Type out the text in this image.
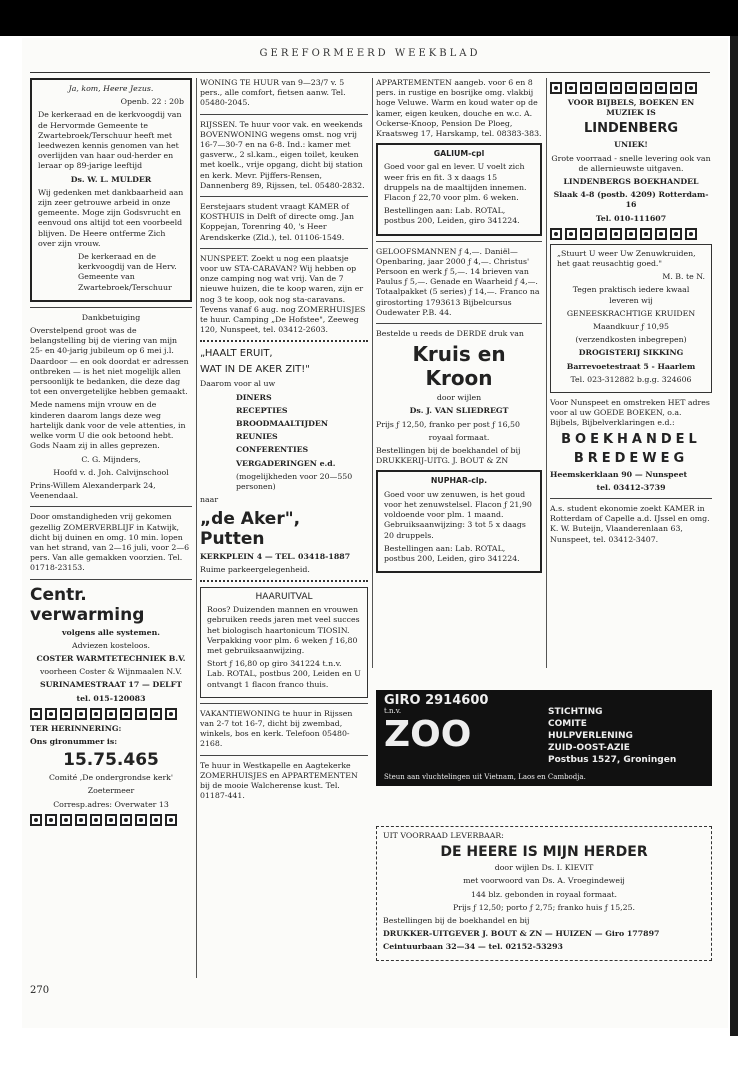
GEREFORMEERD WEEKBLAD

Ja, kom, Heere Jezus.

Openb. 22 : 20b

De kerkeraad en de kerkvoogdij van de Hervormde Gemeente te Zwartebroek/Terschuur heeft met leedwezen kennis genomen van het overlijden van haar oud-herder en leraar op 89-jarige leeftijd

Ds. W. L. MULDER

Wij gedenken met dankbaarheid aan zijn zeer getrouwe arbeid in onze gemeente. Moge zijn Godsvrucht en eenvoud ons altijd tot een voorbeeld blijven. De Heere ontferme Zich over zijn vrouw.

De kerkeraad en de kerkvoogdij van de Herv. Gemeente van Zwartebroek/Terschuur

Dankbetuiging

Overstelpend groot was de belangstelling bij de viering van mijn 25- en 40-jarig jubileum op 6 mei j.l. Daardoor — en ook doordat er adressen ontbreken — is het niet mogelijk allen persoonlijk te bedanken, die deze dag tot een onvergetelijke hebben gemaakt.

Mede namens mijn vrouw en de kinderen daarom langs deze weg hartelijk dank voor de vele attenties, in welke vorm U die ook betoond hebt. Gods Naam zij in alles geprezen.

C. G. Mijnders,

Hoofd v. d. Joh. Calvijnschool

Prins-Willem Alexanderpark 24, Veenendaal.

Door omstandigheden vrij gekomen gezellig ZOMERVERBLIJF in Katwijk, dicht bij duinen en omg. 10 min. lopen van het strand, van 2—16 juli, voor 2—6 pers. Van alle gemakken voorzien. Tel. 01718-23153.

Centr. verwarming

volgens alle systemen.

Adviezen kosteloos.

COSTER WARMTETECHNIEK B.V.

voorheen Coster & Wijnmaalen N.V.

SURINAMESTRAAT 17 — DELFT

tel. 015-120083

TER HERINNERING:

Ons gironummer is:

15.75.465

Comité ‚De ondergrondse kerk'

Zoetermeer

Corresp.adres: Overwater 13

WONING TE HUUR van 9—23/7 v. 5 pers., alle comfort, fietsen aanw. Tel. 05480-2045.

RIJSSEN. Te huur voor vak. en weekends BOVENWONING wegens omst. nog vrij 16-7—30-7 en na 6-8. Ind.: kamer met gasverw., 2 sl.kam., eigen toilet, keuken met koelk., vrije opgang, dicht bij station en kerk. Mevr. Pijffers-Rensen, Dannenberg 89, Rijssen, tel. 05480-2832.

Eerstejaars student vraagt KAMER of KOSTHUIS in Delft of directe omg. Jan Koppejan, Torenring 40, 's Heer Arendskerke (Zld.), tel. 01106-1549.

NUNSPEET. Zoekt u nog een plaatsje voor uw STA-CARAVAN? Wij hebben op onze camping nog wat vrij. Van de 7 nieuwe huizen, die te koop waren, zijn er nog 3 te koop, ook nog sta-caravans. Tevens vanaf 6 aug. nog ZOMERHUISJES te huur. Camping „De Hofstee", Zeeweg 120, Nunspeet, tel. 03412-2603.

„HAALT ERUIT,

WAT IN DE AKER ZIT!"

Daarom voor al uw

DINERS

RECEPTIES

BROODMAALTIJDEN

REUNIES

CONFERENTIES

VERGADERINGEN e.d.

(mogelijkheden voor 20—550 personen)

naar

„de Aker", Putten

KERKPLEIN 4 — TEL. 03418-1887

Ruime parkeergelegenheid.

HAARUITVAL

Roos? Duizenden mannen en vrouwen gebruiken reeds jaren met veel succes het biologisch haartonicum TIOSIN. Verpakking voor plm. 6 weken ƒ 16,80 met gebruiksaanwijzing.

Stort ƒ 16,80 op giro 341224 t.n.v. Lab. ROTAL, postbus 200, Leiden en U ontvangt 1 flacon franco thuis.

VAKANTIEWONING te huur in Rijssen van 2-7 tot 16-7, dicht bij zwembad, winkels, bos en kerk. Telefoon 05480-2168.

Te huur in Westkapelle en Aagtekerke ZOMERHUISJES en APPARTEMENTEN bij de mooie Walcherense kust. Tel. 01187-441.

APPARTEMENTEN aangeb. voor 6 en 8 pers. in rustige en bosrijke omg. vlakbij hoge Veluwe. Warm en koud water op de kamer, eigen keuken, douche en w.c. A. Ockerse-Knoop, Pension De Ploeg, Kraatsweg 17, Harskamp, tel. 08383-383.

GALIUM-cpl

Goed voor gal en lever. U voelt zich weer fris en fit. 3 x daags 15 druppels na de maaltijden innemen. Flacon ƒ 22,70 voor plm. 6 weken.

Bestellingen aan: Lab. ROTAL, postbus 200, Leiden, giro 341224.

GELOOFSMANNEN ƒ 4,—. Daniël—Openbaring, jaar 2000 ƒ 4,—. Christus' Persoon en werk ƒ 5,—. 14 brieven van Paulus ƒ 5,—. Genade en Waarheid ƒ 4,—. Totaalpakket (5 series) ƒ 14,—. Franco na girostorting 1793613 Bijbelcursus Oudewater P.B. 44.

Bestelde u reeds de DERDE druk van

Kruis en Kroon

door wijlen

Ds. J. VAN SLIEDREGT

Prijs ƒ 12,50, franko per post ƒ 16,50

royaal formaat.

Bestellingen bij de boekhandel of bij DRUKKERIJ-UITG. J. BOUT & ZN

NUPHAR-clp.

Goed voor uw zenuwen, is het goud voor het zenuwstelsel. Flacon ƒ 21,90 voldoende voor plm. 1 maand. Gebruiksaanwijzing: 3 tot 5 x daags 20 druppels.

Bestellingen aan: Lab. ROTAL, postbus 200, Leiden, giro 341224.

VOOR BIJBELS, BOEKEN EN MUZIEK IS

LINDENBERG

UNIEK!

Grote voorraad - snelle levering ook van de allernieuwste uitgaven.

LINDENBERGS BOEKHANDEL

Slaak 4-8 (postb. 4209) Rotterdam-16

Tel. 010-111607

„Stuurt U weer Uw Zenuwkruiden, het gaat reusachtig goed."

M. B. te N.

Tegen praktisch iedere kwaal leveren wij

GENEESKRACHTIGE KRUIDEN

Maandkuur ƒ 10,95

(verzendkosten inbegrepen)

DROGISTERIJ SIKKING

Barrevoetestraat 5 - Haarlem

Tel. 023-312882 b.g.g. 324606

Voor Nunspeet en omstreken HET adres voor al uw GOEDE BOEKEN, o.a. Bijbels, Bijbelverklaringen e.d.:

BOEKHANDEL

BREDEWEG

Heemskerklaan 90 — Nunspeet

tel. 03412-3739

A.s. student ekonomie zoekt KAMER in Rotterdam of Capelle a.d. IJssel en omg. K. W. Buteijn, Vlaanderenlaan 63, Nunspeet, tel. 03412-3407.

GIRO 2914600
t.n.v.
ZOO
STICHTING
COMITE
HULPVERLENING
ZUID-OOST-AZIE
Postbus 1527, Groningen
Steun aan vluchtelingen uit Vietnam, Laos en Cambodja.

UIT VOORRAAD LEVERBAAR:

DE HEERE IS MIJN HERDER

door wijlen Ds. I. KIEVIT

met voorwoord van Ds. A. Vroegindeweij

144 blz. gebonden in royaal formaat.

Prijs ƒ 12,50; porto ƒ 2,75; franko huis ƒ 15,25.

Bestellingen bij de boekhandel en bij

DRUKKER-UITGEVER J. BOUT & ZN — HUIZEN — Giro 177897

Ceintuurbaan 32—34 — tel. 02152-53293

270
